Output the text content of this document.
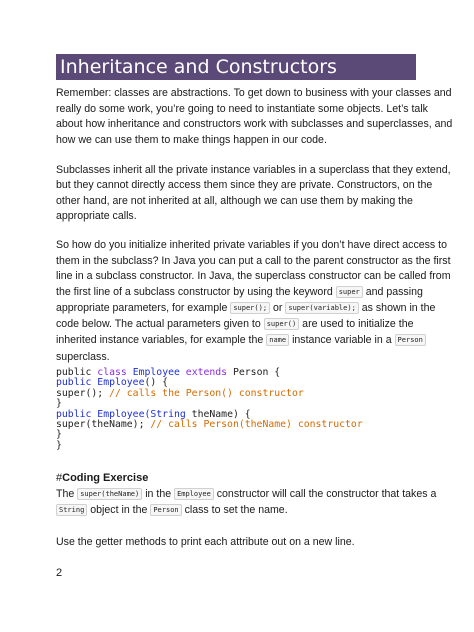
Inheritance and Constructors
Remember: classes are abstractions. To get down to business with your classes and
really do some work, you’re going to need to instantiate some objects. Let’s talk
about how inheritance and constructors work with subclasses and superclasses, and
how we can use them to make things happen in our code.
Subclasses inherit all the private instance variables in a superclass that they extend,
but they cannot directly access them since they are private. Constructors, on the
other hand, are not inherited at all, although we can use them by making the
appropriate calls.
So how do you initialize inherited private variables if you don’t have direct access to
them in the subclass? In Java you can put a call to the parent constructor as the first
line in a subclass constructor. In Java, the superclass constructor can be called from
the first line of a subclass constructor by using the keyword super and passing
appropriate parameters, for example super(); or super(variable); as shown in the
code below. The actual parameters given to super() are used to initialize the
inherited instance variables, for example the name instance variable in a Person
superclass.
public class Employee extends Person {
public Employee() {
super(); // calls the Person() constructor
}
public Employee(String theName) {
super(theName); // calls Person(theName) constructor
}
}
#Coding Exercise
The super(theName) in the Employee constructor will call the constructor that takes a
String object in the Person class to set the name.
Use the getter methods to print each attribute out on a new line.
2
